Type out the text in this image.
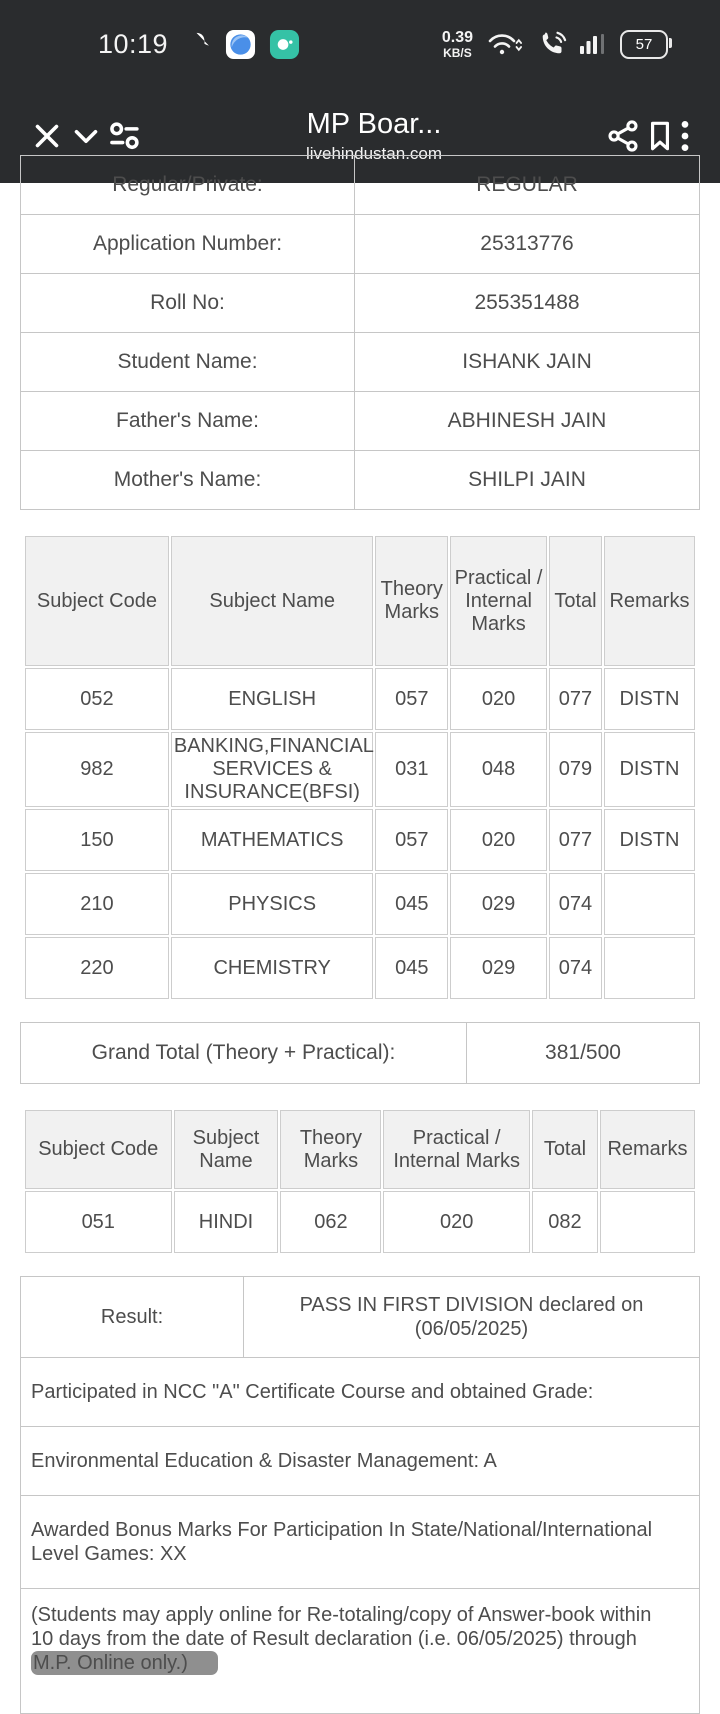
10:19	0.39
KB/S	57
MP Boar...
livehindustan.com
Regular/Private:	REGULAR
Application Number:	25313776
Roll No:	255351488
Student Name:	ISHANK JAIN
Father's Name:	ABHINESH JAIN
Mother's Name:	SHILPI JAIN
Subject Code	Subject Name	Theory Marks	Practical / Internal Marks	Total	Remarks
052	ENGLISH	057	020	077	DISTN
982	BANKING,FINANCIAL SERVICES & INSURANCE(BFSI)	031	048	079	DISTN
150	MATHEMATICS	057	020	077	DISTN
210	PHYSICS	045	029	074	
220	CHEMISTRY	045	029	074	
Grand Total (Theory + Practical):	381/500
Subject Code	Subject Name	Theory Marks	Practical / Internal Marks	Total	Remarks
051	HINDI	062	020	082	
Result:	PASS IN FIRST DIVISION declared on (06/05/2025)
Participated in NCC "A" Certificate Course and obtained Grade:
Environmental Education & Disaster Management: A

Awarded Bonus Marks For Participation In State/National/International Level Games: XX

(Students may apply online for Re-totaling/copy of Answer-book within 10 days from the date of Result declaration (i.e. 06/05/2025) through M.P. Online only.)
